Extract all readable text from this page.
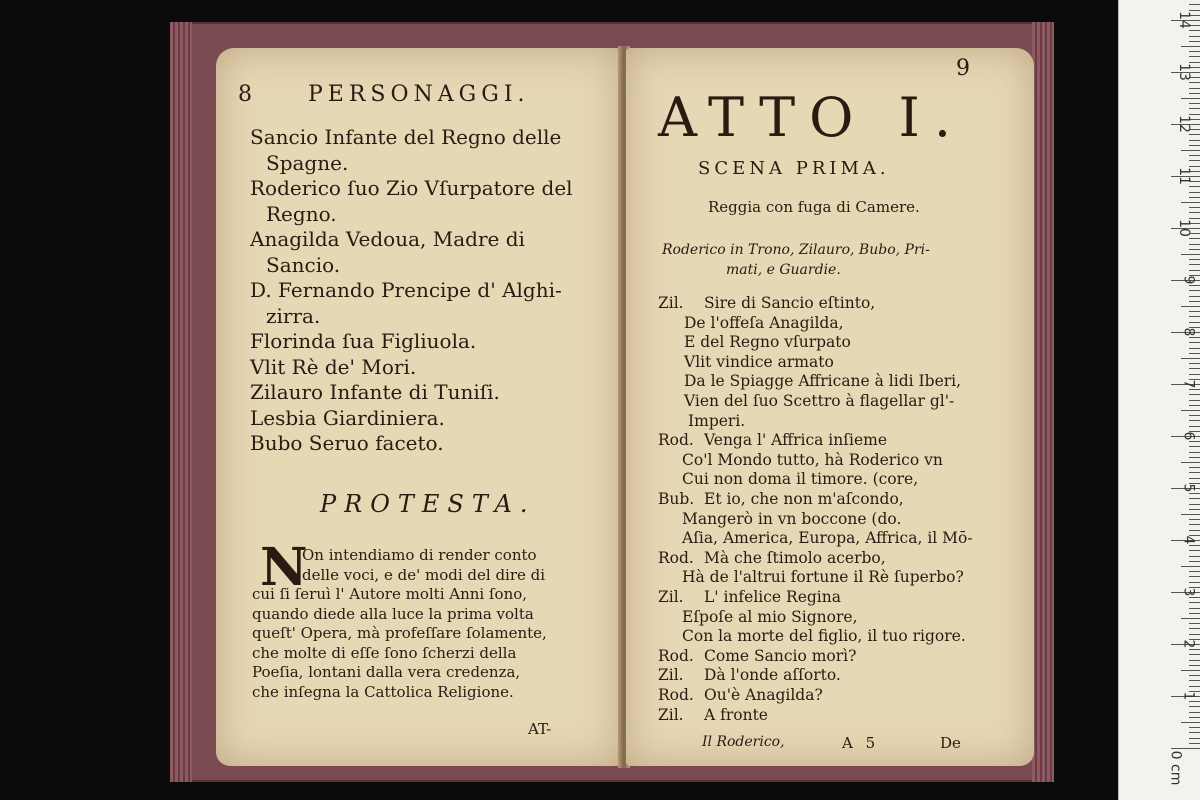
8	PERSONAGGI.
Sancio Infante del Regno delle
Spagne.
Roderico ſuo Zio Vſurpatore del
Regno.
Anagilda Vedoua, Madre di
Sancio.
D. Fernando Prencipe d' Alghi-
zirra.
Florinda ſua Figliuola.
Vlit Rè de' Mori.
Zilauro Infante di Tuniſi.
Lesbia Giardiniera.
Bubo Seruo faceto.
PROTESTA.
N
On intendiamo di render conto
delle voci, e de' modi del dire di
cui ſi ſeruì l' Autore molti Anni ſono,
quando diede alla luce la prima volta
queſt' Opera, mà profeſſare ſolamente,
che molte di eſſe ſono ſcherzi della
Poeſia, lontani dalla vera credenza,
che inſegna la Cattolica Religione.
AT-
9
ATTO I.
SCENA PRIMA.
Reggia con fuga di Camere.
Roderico in Trono, Zilauro, Bubo, Pri-
mati, e Guardie.
Zil. Sire di Sancio eſtinto,
De l'offeſa Anagilda,
E del Regno vſurpato
Vlit vindice armato
Da le Spiagge Affricane à lidi Iberi,
Vien del ſuo Scettro à flagellar gl'-
Imperi.
Rod. Venga l' Affrica inſieme
Co'l Mondo tutto, hà Roderico vn
Cui non doma il timore. (core,
Bub. Et io, che non m'aſcondo,
Mangerò in vn boccone (do.
Aſia, America, Europa, Affrica, il Mō-
Rod. Mà che ſtimolo acerbo,
Hà de l'altrui fortune il Rè ſuperbo?
Zil. L' infelice Regina
Eſpoſe al mio Signore,
Con la morte del figlio, il tuo rigore.
Rod. Come Sancio morì?
Zil. Dà l'onde aſſorto.
Rod. Ou'è Anagilda?
Zil. A fronte
Il Roderico,	A 5	De
1
2
3
4
5
6
7
8
9
10
11
12
13
14
0 cm
